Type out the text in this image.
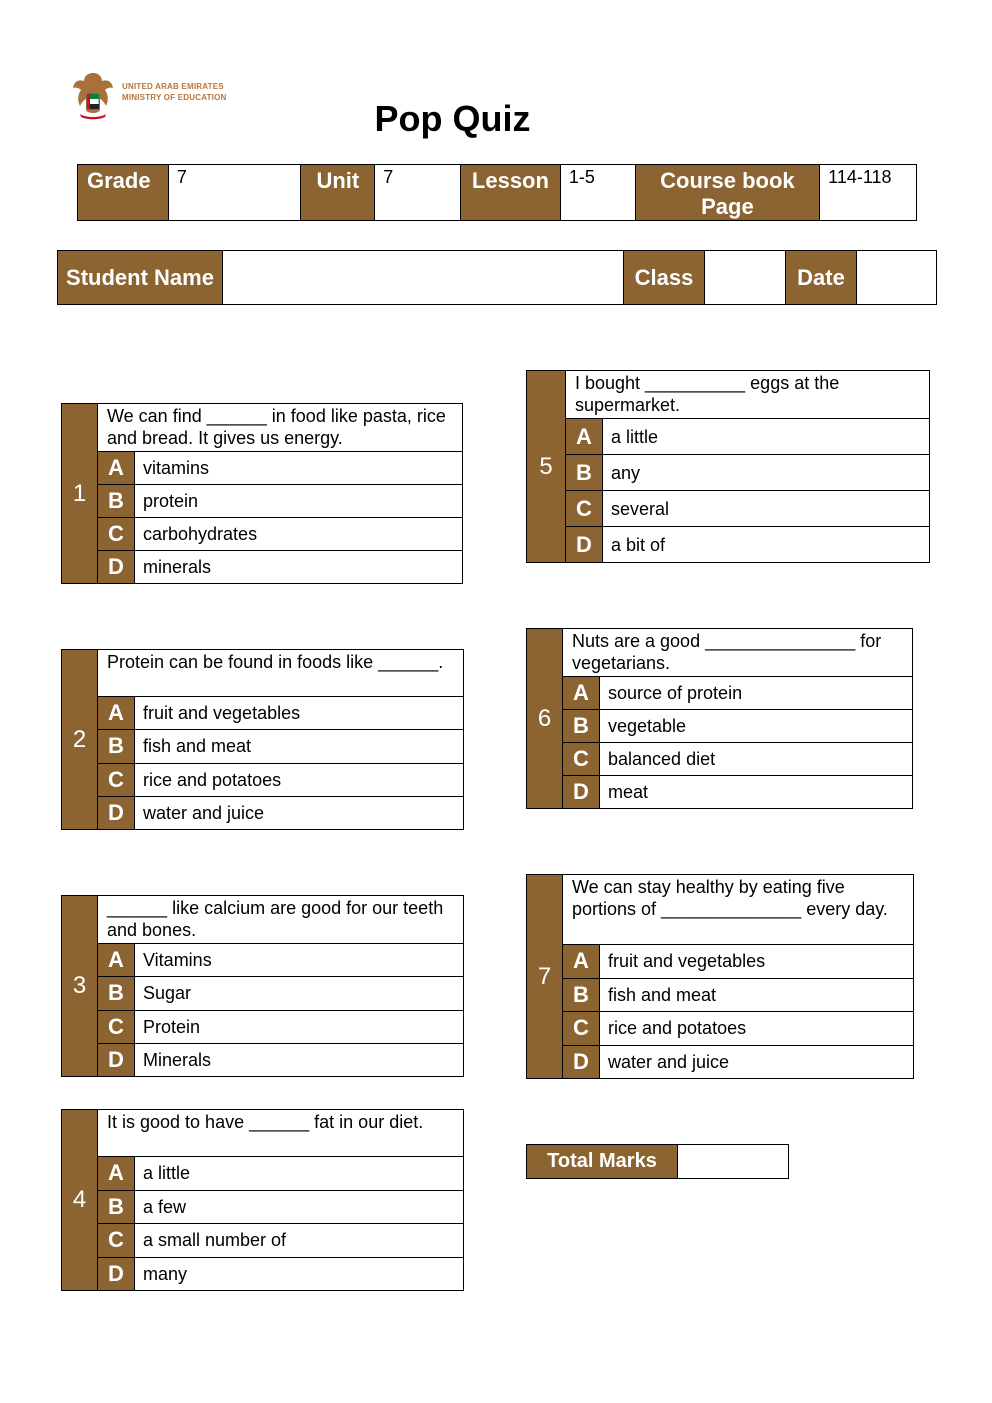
UNITED ARAB EMIRATES
MINISTRY OF EDUCATION
Pop Quiz
Grade	7	Unit	7	Lesson	1-5	Course book Page	114-118
Student Name		Class		Date	
1	We can find ______ in food like pasta, rice and bread. It gives us energy.	
	A	vitamins
	B	protein
	C	carbohydrates
	D	minerals
2	Protein can be found in foods like ______.	
	A	fruit and vegetables
	B	fish and meat
	C	rice and potatoes
	D	water and juice
3	______ like calcium are good for our teeth and bones.	
	A	Vitamins
	B	Sugar
	C	Protein
	D	Minerals
4	It is good to have ______ fat in our diet.	
	A	a little
	B	a few
	C	a small number of
	D	many
5	I bought __________ eggs at the supermarket.	
	A	a little
	B	any
	C	several
	D	a bit of
6	Nuts are a good _______________ for vegetarians.	
	A	source of protein
	B	vegetable
	C	balanced diet
	D	meat
7	We can stay healthy by eating five portions of ______________ every day.	
	A	fruit and vegetables
	B	fish and meat
	C	rice and potatoes
	D	water and juice
Total Marks	
